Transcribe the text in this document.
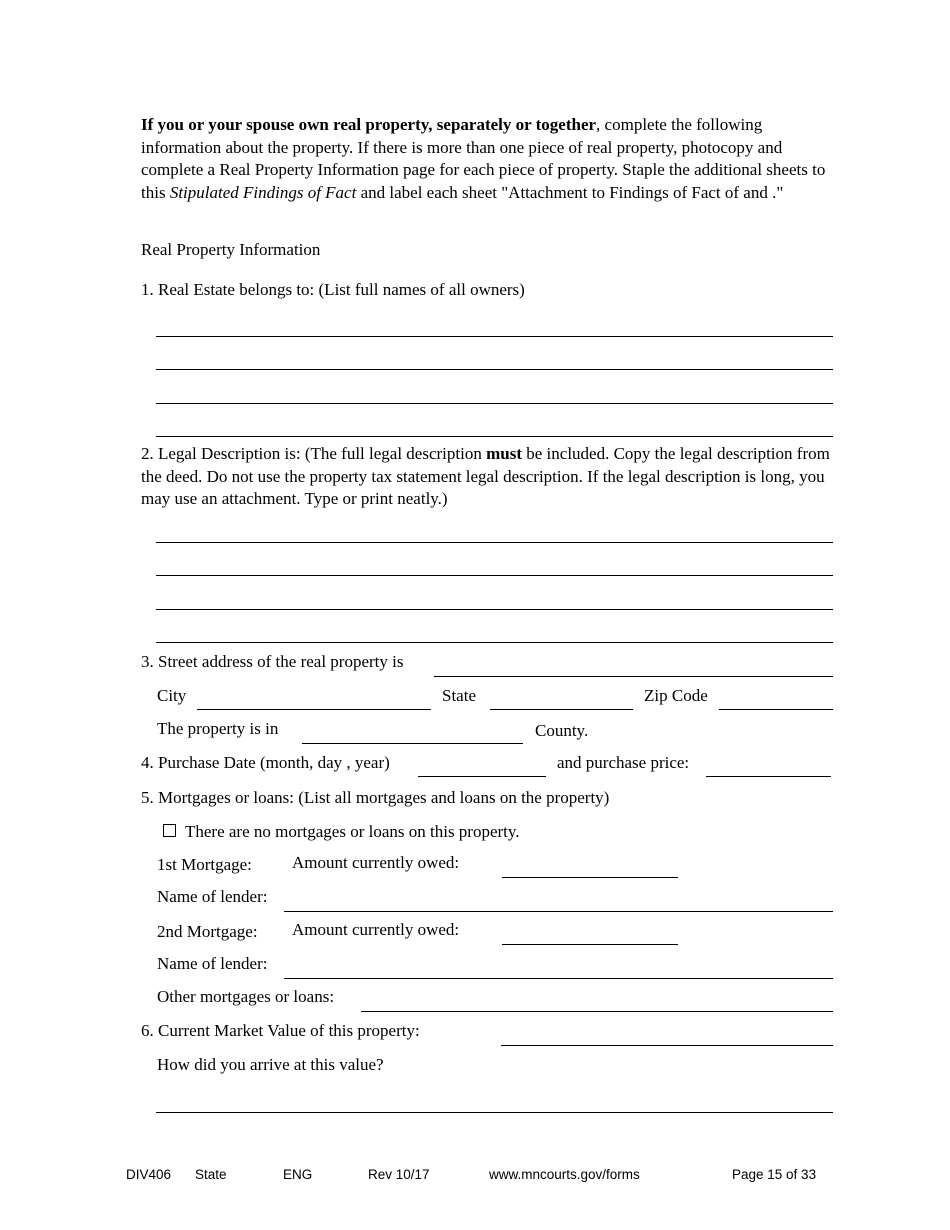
If you or your spouse own real property, separately or together, complete the following information about the property. If there is more than one piece of real property, photocopy and complete a Real Property Information page for each piece of property. Staple the additional sheets to this Stipulated Findings of Fact and label each sheet "Attachment to Findings of Fact of and ."
Real Property Information
1. Real Estate belongs to: (List full names of all owners)
2. Legal Description is: (The full legal description must be included. Copy the legal description from the deed. Do not use the property tax statement legal description. If the legal description is long, you may use an attachment. Type or print neatly.)
3. Street address of the real property is
City	State	Zip Code
The property is in	County.
4. Purchase Date (month, day , year)	and purchase price:
5. Mortgages or loans: (List all mortgages and loans on the property)
There are no mortgages or loans on this property.
1st Mortgage: Amount currently owed:
Name of lender:
2nd Mortgage: Amount currently owed:
Name of lender:
Other mortgages or loans:
6. Current Market Value of this property:
How did you arrive at this value?
DIV406 State	ENG	Rev 10/17	www.mncourts.gov/forms	Page 15 of 33
